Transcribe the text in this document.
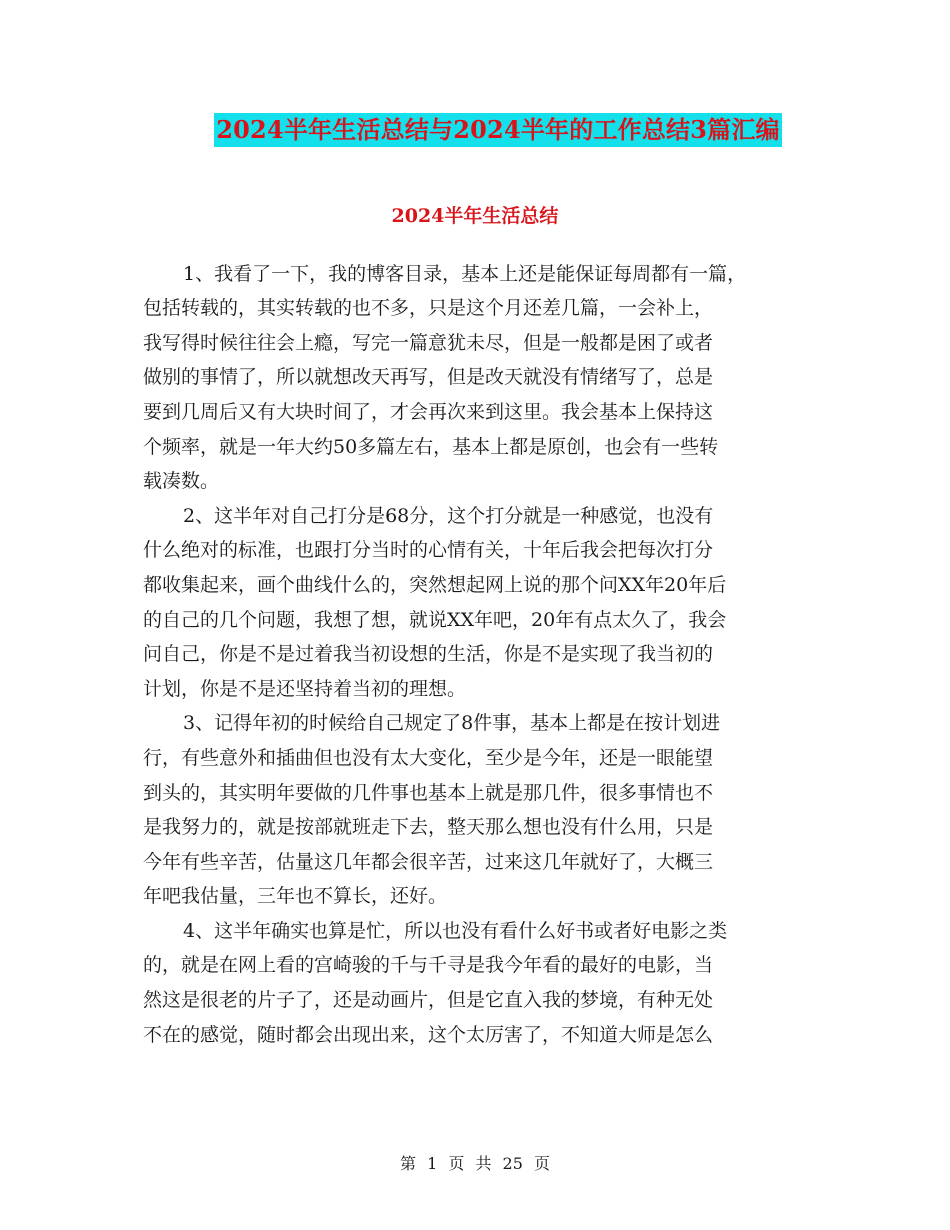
2024半年生活总结与2024半年的工作总结3篇汇编
2024半年生活总结
1、我看了一下，我的博客目录，基本上还是能保证每周都有一篇，
包括转载的，其实转载的也不多，只是这个月还差几篇，一会补上，
我写得时候往往会上瘾，写完一篇意犹未尽，但是一般都是困了或者
做别的事情了，所以就想改天再写，但是改天就没有情绪写了，总是
要到几周后又有大块时间了，才会再次来到这里。我会基本上保持这
个频率，就是一年大约50多篇左右，基本上都是原创，也会有一些转
载凑数。
2、这半年对自己打分是68分，这个打分就是一种感觉，也没有
什么绝对的标准，也跟打分当时的心情有关，十年后我会把每次打分
都收集起来，画个曲线什么的，突然想起网上说的那个问XX年20年后
的自己的几个问题，我想了想，就说XX年吧，20年有点太久了，我会
问自己，你是不是过着我当初设想的生活，你是不是实现了我当初的
计划，你是不是还坚持着当初的理想。
3、记得年初的时候给自己规定了8件事，基本上都是在按计划进
行，有些意外和插曲但也没有太大变化，至少是今年，还是一眼能望
到头的，其实明年要做的几件事也基本上就是那几件，很多事情也不
是我努力的，就是按部就班走下去，整天那么想也没有什么用，只是
今年有些辛苦，估量这几年都会很辛苦，过来这几年就好了，大概三
年吧我估量，三年也不算长，还好。
4、这半年确实也算是忙，所以也没有看什么好书或者好电影之类
的，就是在网上看的宫崎骏的千与千寻是我今年看的最好的电影，当
然这是很老的片子了，还是动画片，但是它直入我的梦境，有种无处
不在的感觉，随时都会出现出来，这个太厉害了，不知道大师是怎么
第 1 页 共 25 页
